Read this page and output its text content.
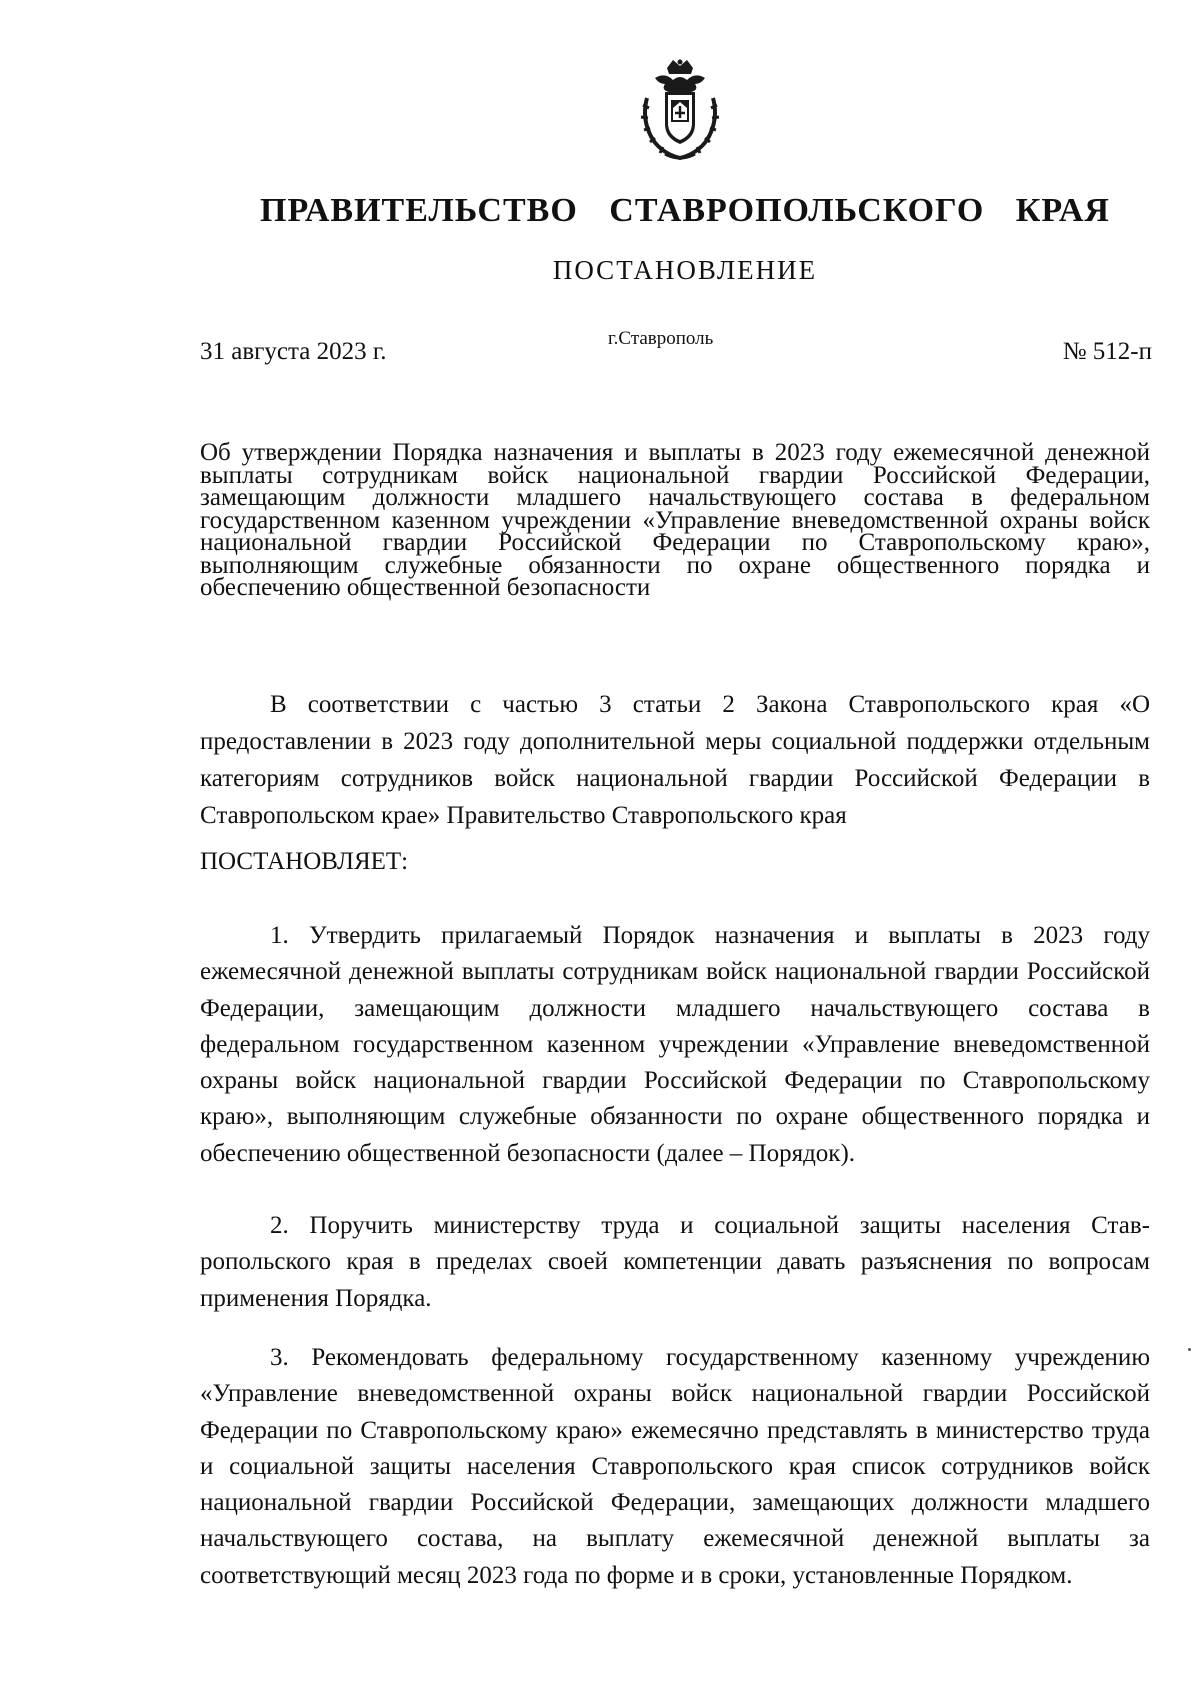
ПРАВИТЕЛЬСТВО СТАВРОПОЛЬСКОГО КРАЯ
ПОСТАНОВЛЕНИЕ
31 августа 2023 г.	г.Ставрополь	№ 512-п
Об утверждении Порядка назначения и выплаты в 2023 году ежемесячной денежной выплаты сотрудникам войск национальной гвардии Российской Федерации, замещающим должности младшего начальствующего состава в федеральном государственном казенном учреждении «Управление вневедомственной охраны войск национальной гвардии Российской Федерации по Ставропольскому краю», выполняющим служебные обязанности по охране общественного порядка и обеспечению общественной безопасности
В соответствии с частью 3 статьи 2 Закона Ставропольского края «О предоставлении в 2023 году дополнительной меры социальной поддержки отдельным категориям сотрудников войск национальной гвардии Российской Федерации в Ставропольском крае» Правительство Ставропольского края
ПОСТАНОВЛЯЕТ:
1. Утвердить прилагаемый Порядок назначения и выплаты в 2023 году ежемесячной денежной выплаты сотрудникам войск национальной гвардии Российской Федерации, замещающим должности младшего начальствующего состава в федеральном государственном казенном учреждении «Управление вневедомственной охраны войск национальной гвардии Российской Федерации по Ставропольскому краю», выполняющим служебные обязанности по охране общественного порядка и обеспечению общественной безопасности (далее – Порядок).
2. Поручить министерству труда и социальной защиты населения Ставропольского края в пределах своей компетенции давать разъяснения по вопросам применения Порядка.
3. Рекомендовать федеральному государственному казенному учреждению «Управление вневедомственной охраны войск национальной гвардии Российской Федерации по Ставропольскому краю» ежемесячно представлять в министерство труда и социальной защиты населения Ставропольского края список сотрудников войск национальной гвардии Российской Федерации, замещающих должности младшего начальствующего состава, на выплату ежемесячной денежной выплаты за соответствующий месяц 2023 года по форме и в сроки, установленные Порядком.
